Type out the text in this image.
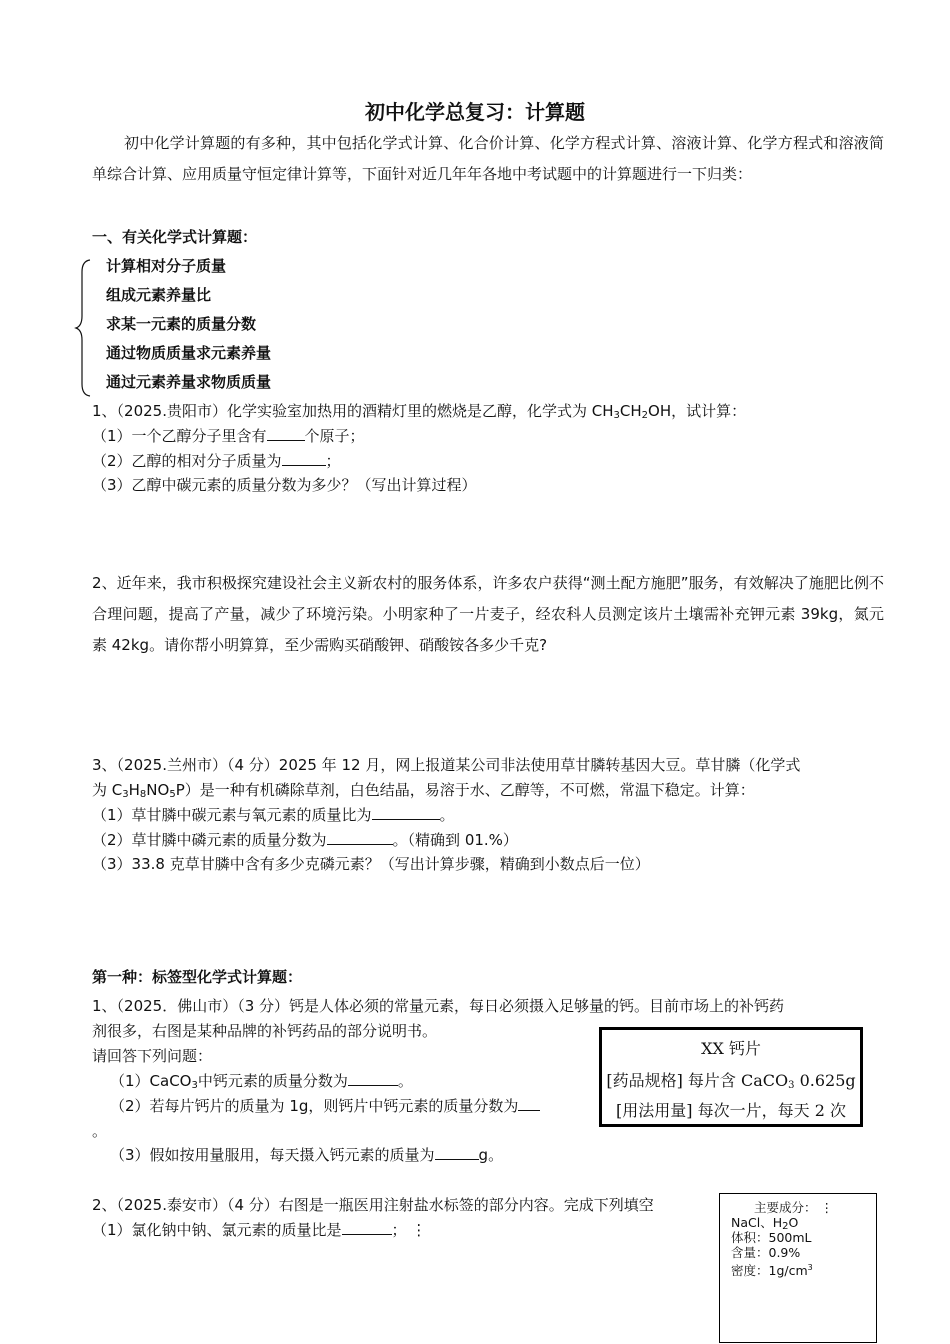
初中化学总复习：计算题
初中化学计算题的有多种，其中包括化学式计算、化合价计算、化学方程式计算、溶液计算、化学方程式和溶液简单综合计算、应用质量守恒定律计算等，下面针对近几年年各地中考试题中的计算题进行一下归类：
一、有关化学式计算题：
计算相对分子质量
组成元素养量比
求某一元素的质量分数
通过物质质量求元素养量
通过元素养量求物质质量
1、（2025.贵阳市）化学实验室加热用的酒精灯里的燃烧是乙醇，化学式为 $CH_3CH_2OH$，试计算：
（1）一个乙醇分子里含有	个原子；
（2）乙醇的相对分子质量为	；
（3）乙醇中碳元素的质量分数为多少？（写出计算过程）
2、近年来，我市积极探究建设社会主义新农村的服务体系，许多农户获得“测土配方施肥”服务，有效解决了施肥比例不合理问题，提高了产量，减少了环境污染。小明家种了一片麦子，经农科人员测定该片土壤需补充钾元素 39kg，氮元素 42kg。请你帮小明算算，至少需购买硝酸钾、硝酸铵各多少千克?
3、（2025.兰州市）（4 分）2025 年 12 月，网上报道某公司非法使用草甘膦转基因大豆。草甘膦（化学式
为 $C_3H_8NO_5P$）是一种有机磷除草剂，白色结晶，易溶于水、乙醇等，不可燃，常温下稳定。计算：
（1）草甘膦中碳元素与氧元素的质量比为	。
（2）草甘膦中磷元素的质量分数为	。（精确到 01.%）
（3）33.8 克草甘膦中含有多少克磷元素？（写出计算步骤，精确到小数点后一位）
第一种：标签型化学式计算题：
1、（2025．佛山市）（3 分）钙是人体必须的常量元素，每日必须摄入足够量的钙。目前市场上的补钙药
剂很多，右图是某种品牌的补钙药品的部分说明书。
请回答下列问题：
（1）CaCO$_3$中钙元素的质量分数为	。
（2）若每片钙片的质量为 1g，则钙片中钙元素的质量分数为
。
（3）假如按用量服用，每天摄入钙元素的质量为	g。
XX 钙片
[药品规格] 每片含 CaCO$_3$ 0.625g
[用法用量] 每次一片，每天 2 次
2、（2025.泰安市）（4 分）右图是一瓶医用注射盐水标签的部分内容。完成下列填空
（1）氯化钠中钠、氯元素的质量比是	； ⋮
主要成分： ⋮
NaCl、$H_2O$
体积：500mL
含量：0.9%
密度：$1g/cm^3$
